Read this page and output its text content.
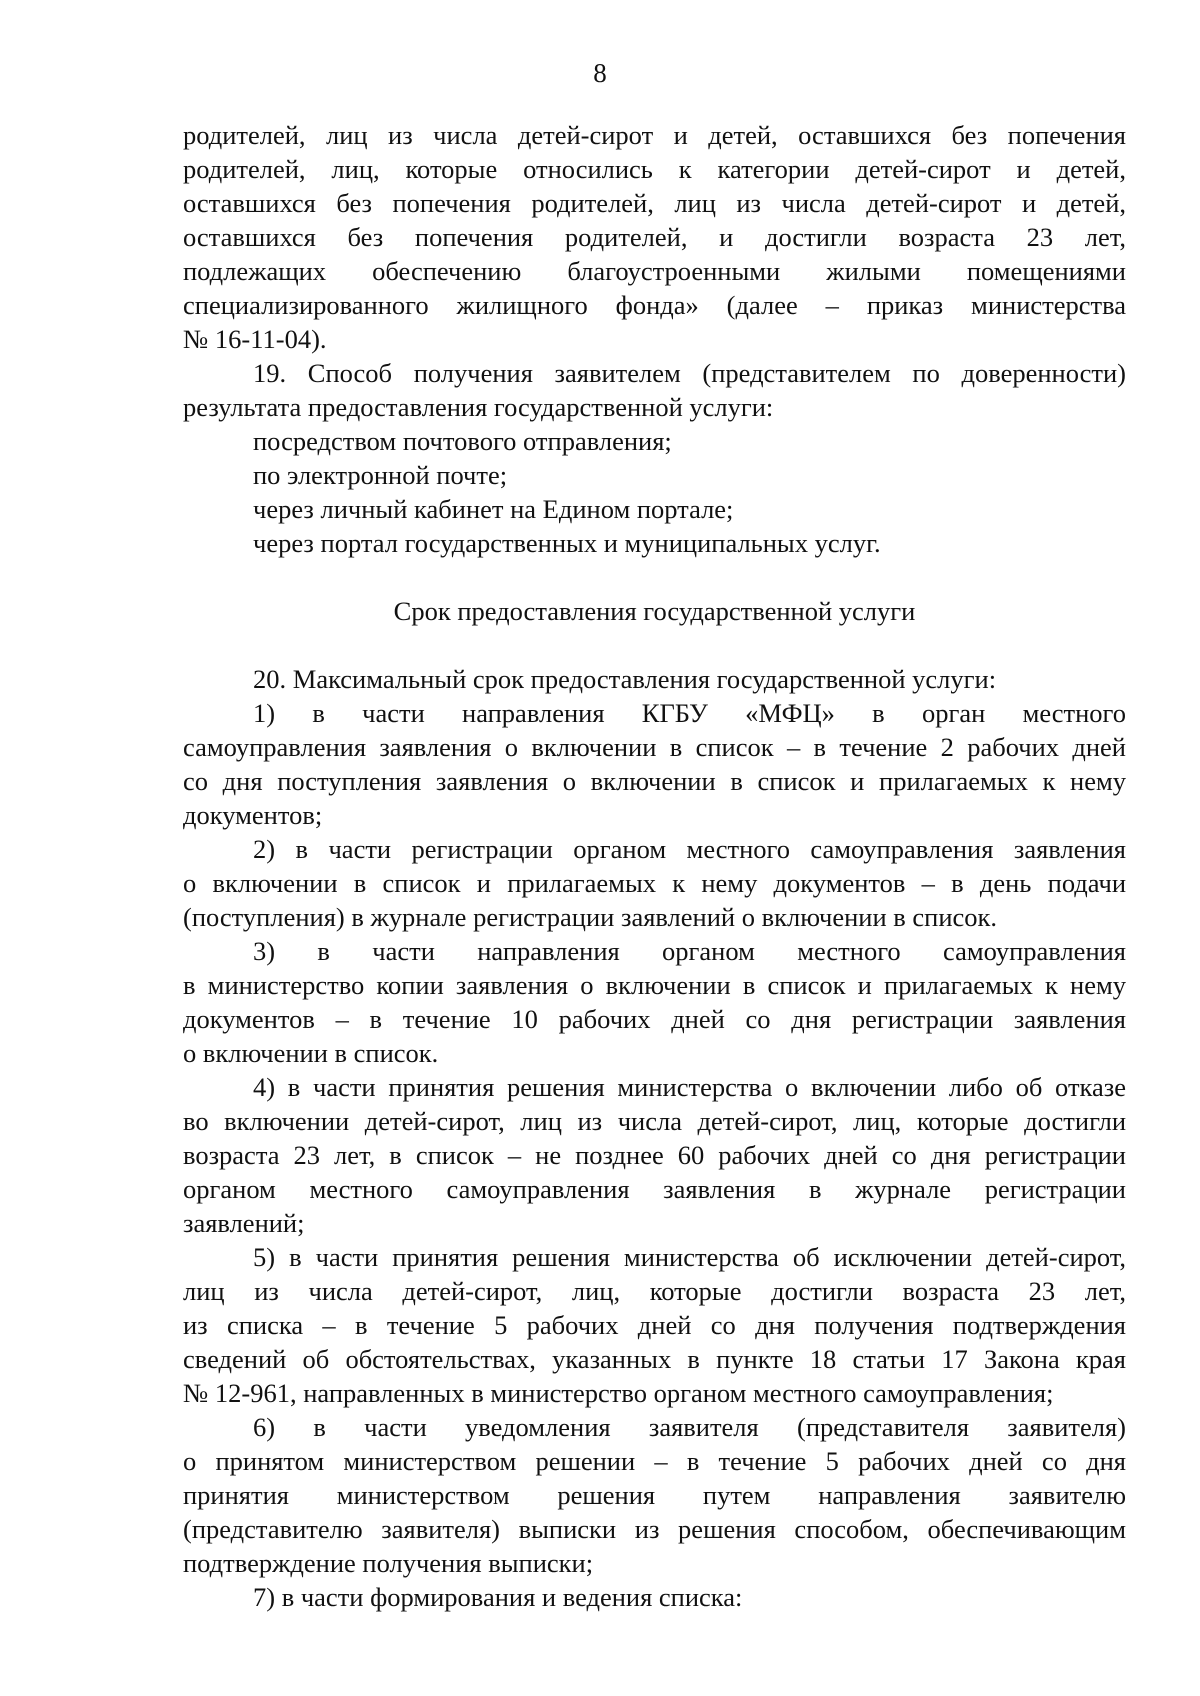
8
родителей, лиц из числа детей-сирот и детей, оставшихся без попечения
родителей, лиц, которые относились к категории детей-сирот и детей,
оставшихся без попечения родителей, лиц из числа детей-сирот и детей,
оставшихся без попечения родителей, и достигли возраста 23 лет,
подлежащих обеспечению благоустроенными жилыми помещениями
специализированного жилищного фонда» (далее – приказ министерства
№ 16-11-04).
19. Способ получения заявителем (представителем по доверенности)
результата предоставления государственной услуги:
посредством почтового отправления;
по электронной почте;
через личный кабинет на Едином портале;
через портал государственных и муниципальных услуг.
Срок предоставления государственной услуги
20. Максимальный срок предоставления государственной услуги:
1) в части направления КГБУ «МФЦ» в орган местного
самоуправления заявления о включении в список – в течение 2 рабочих дней
со дня поступления заявления о включении в список и прилагаемых к нему
документов;
2) в части регистрации органом местного самоуправления заявления
о включении в список и прилагаемых к нему документов – в день подачи
(поступления) в журнале регистрации заявлений о включении в список.
3) в части направления органом местного самоуправления
в министерство копии заявления о включении в список и прилагаемых к нему
документов – в течение 10 рабочих дней со дня регистрации заявления
о включении в список.
4) в части принятия решения министерства о включении либо об отказе
во включении детей-сирот, лиц из числа детей-сирот, лиц, которые достигли
возраста 23 лет, в список – не позднее 60 рабочих дней со дня регистрации
органом местного самоуправления заявления в журнале регистрации
заявлений;
5) в части принятия решения министерства об исключении детей-сирот,
лиц из числа детей-сирот, лиц, которые достигли возраста 23 лет,
из списка – в течение 5 рабочих дней со дня получения подтверждения
сведений об обстоятельствах, указанных в пункте 18 статьи 17 Закона края
№ 12-961, направленных в министерство органом местного самоуправления;
6) в части уведомления заявителя (представителя заявителя)
о принятом министерством решении – в течение 5 рабочих дней со дня
принятия министерством решения путем направления заявителю
(представителю заявителя) выписки из решения способом, обеспечивающим
подтверждение получения выписки;
7) в части формирования и ведения списка:
